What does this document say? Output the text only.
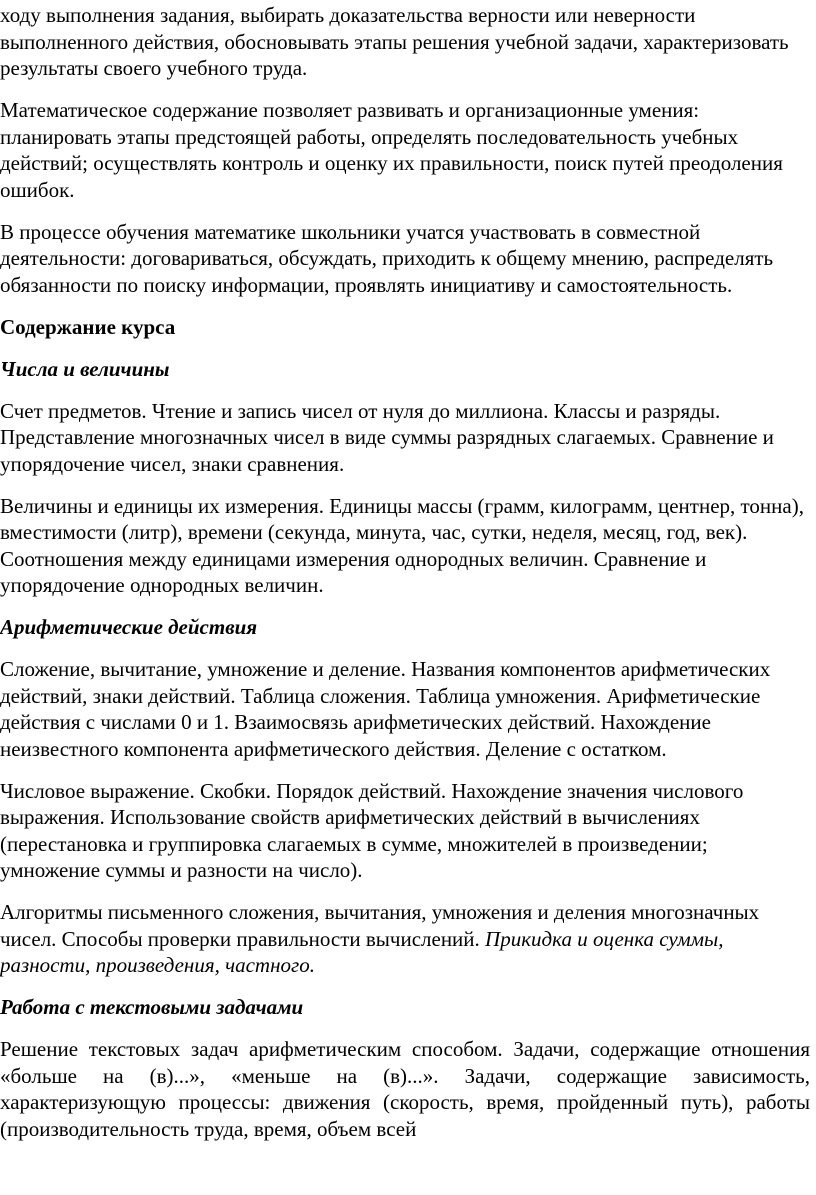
ходу выполнения задания, выбирать доказательства верности или неверности выполненного действия, обосновывать этапы решения учебной задачи, характеризовать результаты своего учебного труда.

Математическое содержание позволяет развивать и организационные умения: планировать этапы предстоящей работы, определять последовательность учебных действий; осуществлять контроль и оценку их правильности, поиск путей преодоления ошибок.

В процессе обучения математике школьники учатся участвовать в совместной деятельности: договариваться, обсуждать, приходить к общему мнению, распределять обязанности по поиску информации, проявлять инициативу и самостоятельность.

Содержание курса

Числа и величины

Счет предметов. Чтение и запись чисел от нуля до миллиона. Классы и разряды. Представление многозначных чисел в виде суммы разрядных слагаемых. Сравнение и упорядочение чисел, знаки сравнения.

Величины и единицы их измерения. Единицы массы (грамм, килограмм, центнер, тонна), вместимости (литр), времени (секунда, минута, час, сутки, неделя, месяц, год, век). Соотношения между единицами измерения однородных величин. Сравнение и упорядочение однородных величин.

Арифметические действия

Сложение, вычитание, умножение и деление. Названия компонентов арифметических действий, знаки действий. Таблица сложения. Таблица умножения. Арифметические действия с числами 0 и 1. Взаимосвязь арифметических действий. Нахождение неизвестного компонента арифметического действия. Деление с остатком.

Числовое выражение. Скобки. Порядок действий. Нахождение значения числового выражения. Использование свойств арифметических действий в вычислениях (перестановка и группировка слагаемых в сумме, множителей в произведении; умножение суммы и разности на число).

Алгоритмы письменного сложения, вычитания, умножения и деления многозначных чисел. Способы проверки правильности вычислений. Прикидка и оценка суммы, разности, произведения, частного.

Работа с текстовыми задачами

Решение текстовых задач арифметическим способом. Задачи, содержащие отношения «больше на (в)...», «меньше на (в)...». Задачи, содержащие зависимость, характеризующую процессы: движения (скорость, время, пройденный путь), работы (производительность труда, время, объем всей
